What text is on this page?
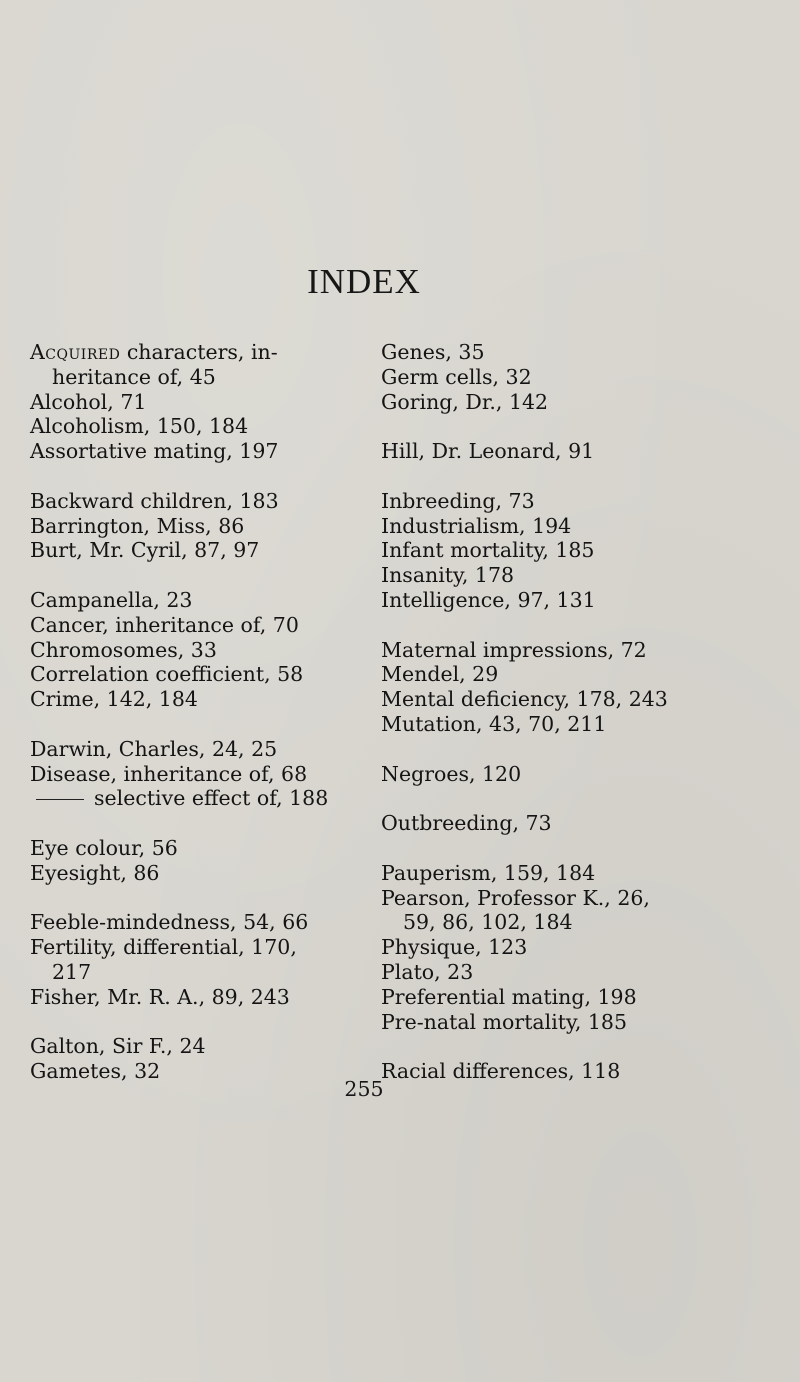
INDEX
Acquired characters, in-
heritance of, 45
Alcohol, 71
Alcoholism, 150, 184
Assortative mating, 197
Backward children, 183
Barrington, Miss, 86
Burt, Mr. Cyril, 87, 97
Campanella, 23
Cancer, inheritance of, 70
Chromosomes, 33
Correlation coefficient, 58
Crime, 142, 184
Darwin, Charles, 24, 25
Disease, inheritance of, 68
selective effect of, 188
Eye colour, 56
Eyesight, 86
Feeble-mindedness, 54, 66
Fertility, differential, 170,
217
Fisher, Mr. R. A., 89, 243
Galton, Sir F., 24
Gametes, 32
Genes, 35
Germ cells, 32
Goring, Dr., 142
Hill, Dr. Leonard, 91
Inbreeding, 73
Industrialism, 194
Infant mortality, 185
Insanity, 178
Intelligence, 97, 131
Maternal impressions, 72
Mendel, 29
Mental deficiency, 178, 243
Mutation, 43, 70, 211
Negroes, 120
Outbreeding, 73
Pauperism, 159, 184
Pearson, Professor K., 26,
59, 86, 102, 184
Physique, 123
Plato, 23
Preferential mating, 198
Pre-natal mortality, 185
Racial differences, 118
255
